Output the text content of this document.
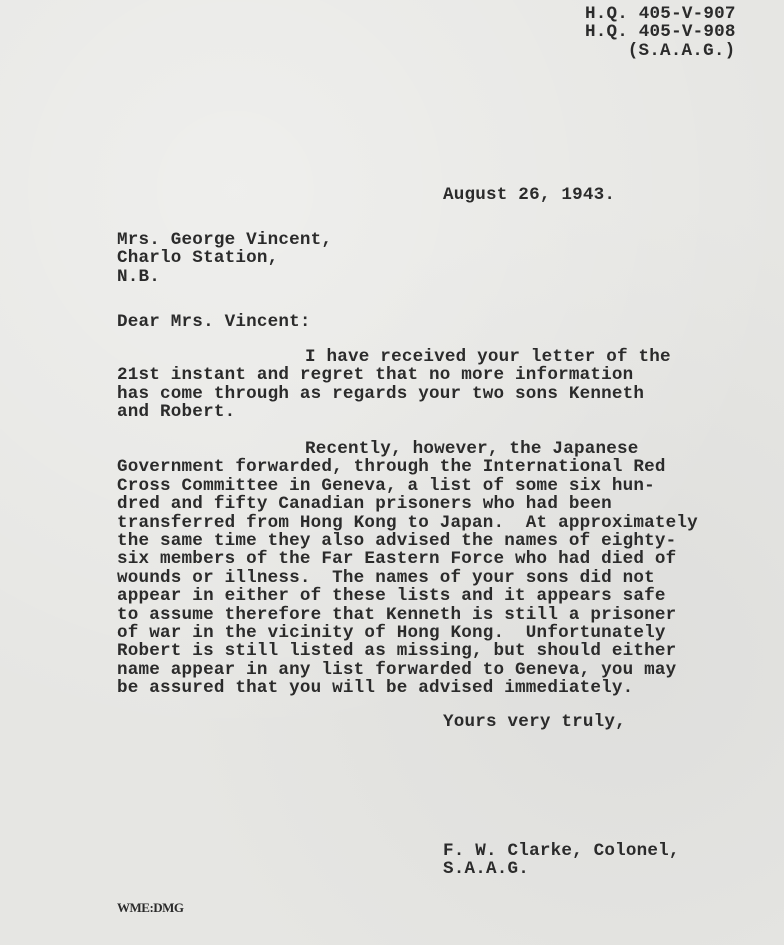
H.Q. 405-V-907
H.Q. 405-V-908
(S.A.A.G.)
August 26, 1943.
Mrs. George Vincent,
Charlo Station,
N.B.
Dear Mrs. Vincent:
I have received your letter of the
21st instant and regret that no more information
has come through as regards your two sons Kenneth
and Robert.
Recently, however, the Japanese
Government forwarded, through the International Red
Cross Committee in Geneva, a list of some six hun-
dred and fifty Canadian prisoners who had been
transferred from Hong Kong to Japan.  At approximately
the same time they also advised the names of eighty-
six members of the Far Eastern Force who had died of
wounds or illness.  The names of your sons did not
appear in either of these lists and it appears safe
to assume therefore that Kenneth is still a prisoner
of war in the vicinity of Hong Kong.  Unfortunately
Robert is still listed as missing, but should either
name appear in any list forwarded to Geneva, you may
be assured that you will be advised immediately.
Yours very truly,
F. W. Clarke, Colonel,
S.A.A.G.
WME:DMG
